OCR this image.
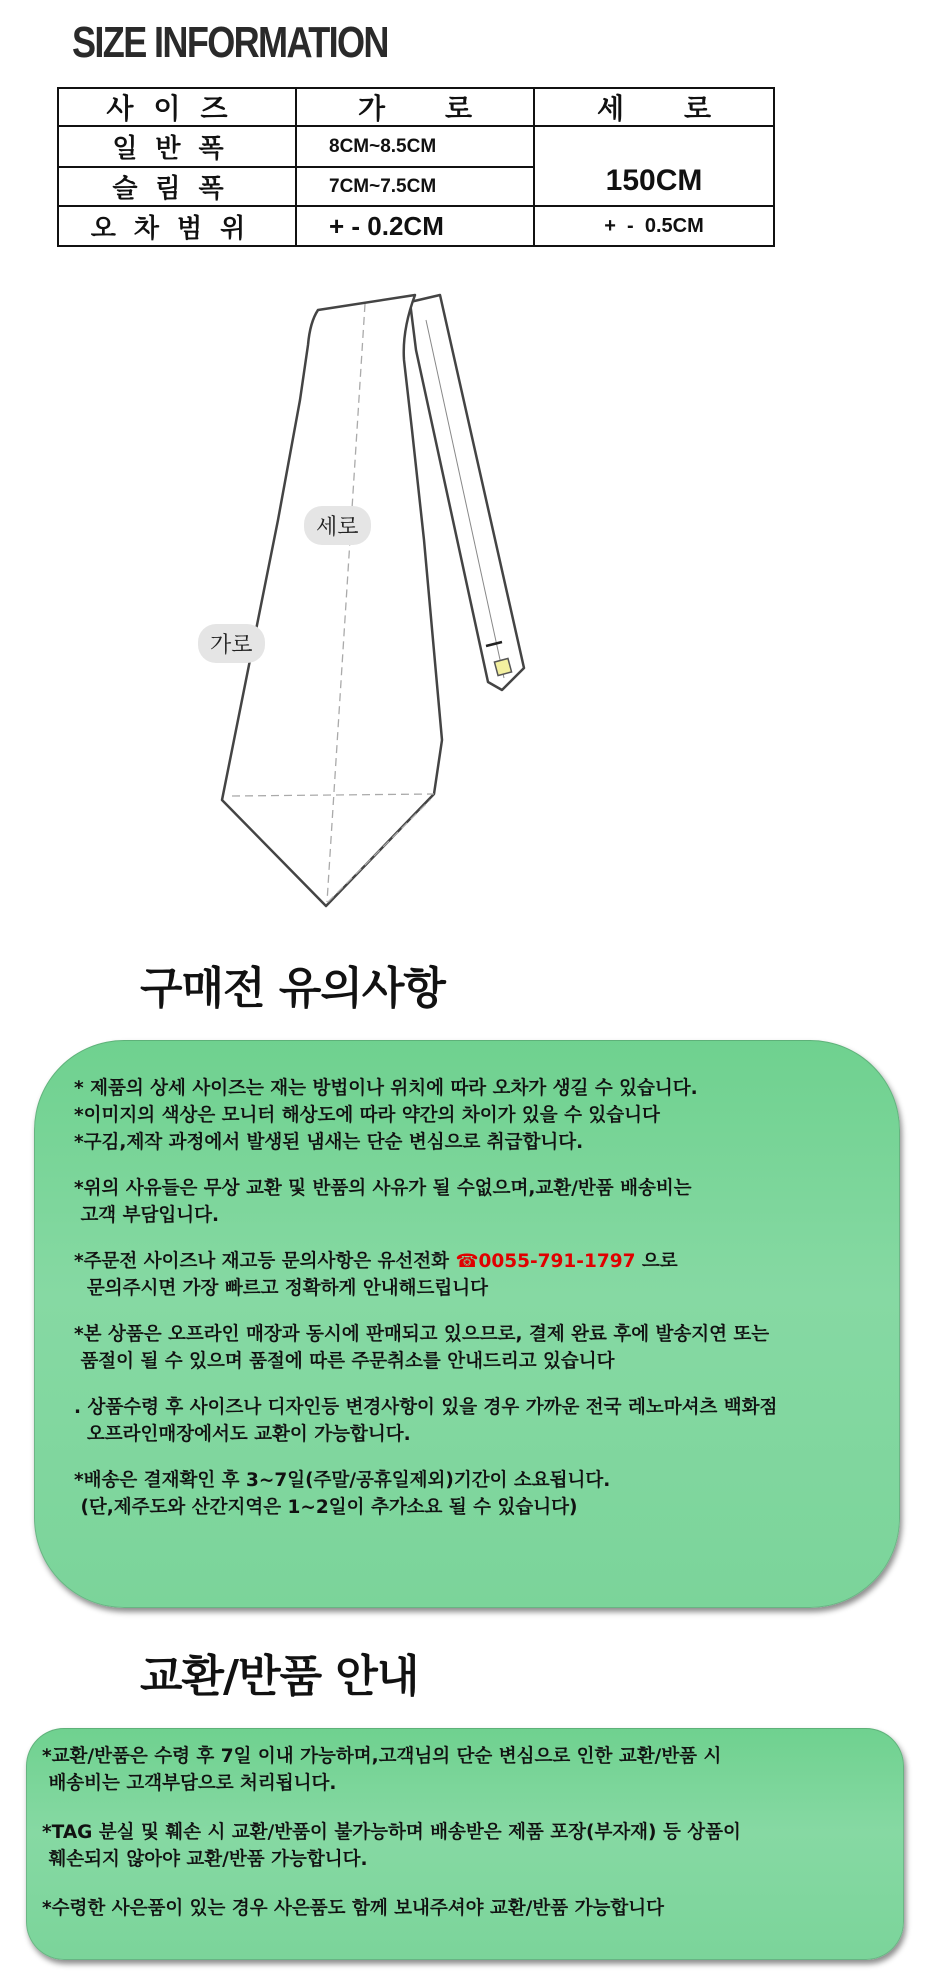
SIZE INFORMATION
사이즈	가로	세로
일반폭	8CM~8.5CM
슬림폭	7CM~7.5CM	150CM
오차범위	+ - 0.2CM	+  -  0.5CM
세로
가로
구매전 유의사항
* 제품의 상세 사이즈는 재는 방법이나 위치에 따라 오차가 생길 수 있습니다.
*이미지의 색상은 모니터 해상도에 따라 약간의 차이가 있을 수 있습니다
*구김,제작 과정에서 발생된 냄새는 단순 변심으로 취급합니다.
*위의 사유들은 무상 교환 및 반품의 사유가 될 수없으며,교환/반품 배송비는
고객 부담입니다.
*주문전 사이즈나 재고등 문의사항은 유선전화 ☎0055-791-1797 으로
문의주시면 가장 빠르고 정확하게 안내해드립니다
*본 상품은 오프라인 매장과 동시에 판매되고 있으므로, 결제 완료 후에 발송지연 또는
품절이 될 수 있으며 품절에 따른 주문취소를 안내드리고 있습니다
. 상품수령 후 사이즈나 디자인등 변경사항이 있을 경우 가까운 전국 레노마셔츠 백화점
오프라인매장에서도 교환이 가능합니다.
*배송은 결재확인 후 3~7일(주말/공휴일제외)기간이 소요됩니다.
(단,제주도와 산간지역은 1~2일이 추가소요 될 수 있습니다)
교환/반품 안내
*교환/반품은 수령 후 7일 이내 가능하며,고객님의 단순 변심으로 인한 교환/반품 시
배송비는 고객부담으로 처리됩니다.
*TAG 분실 및 훼손 시 교환/반품이 불가능하며 배송받은 제품 포장(부자재) 등 상품이
훼손되지 않아야 교환/반품 가능합니다.
*수령한 사은품이 있는 경우 사은품도 함께 보내주셔야 교환/반품 가능합니다
